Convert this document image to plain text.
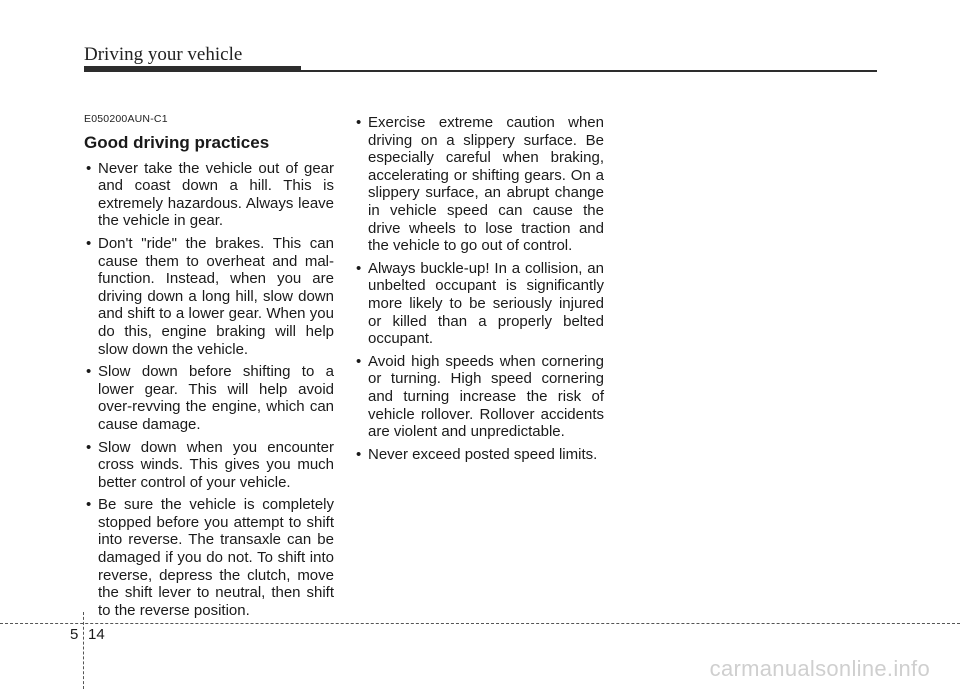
Driving your vehicle
E050200AUN-C1
Good driving practices
• Never take the vehicle out of gear and coast down a hill. This is extremely hazardous. Always leave the vehicle in gear.
• Don't "ride" the brakes. This can cause them to overheat and mal-function. Instead, when you are driving down a long hill, slow down and shift to a lower gear. When you do this, engine braking will help slow down the vehicle.
• Slow down before shifting to a lower gear. This will help avoid over-revving the engine, which can cause damage.
• Slow down when you encounter cross winds. This gives you much better control of your vehicle.
• Be sure the vehicle is completely stopped before you attempt to shift into reverse. The transaxle can be damaged if you do not. To shift into reverse, depress the clutch, move the shift lever to neutral, then shift to the reverse position.
• Exercise extreme caution when driving on a slippery surface. Be especially careful when braking, accelerating or shifting gears. On a slippery surface, an abrupt change in vehicle speed can cause the drive wheels to lose traction and the vehicle to go out of control.
• Always buckle-up! In a collision, an unbelted occupant is significantly more likely to be seriously injured or killed than a properly belted occupant.
• Avoid high speeds when cornering or turning. High speed cornering and turning increase the risk of vehicle rollover. Rollover accidents are violent and unpredictable.
• Never exceed posted speed limits.
5 14
carmanualsonline.info
